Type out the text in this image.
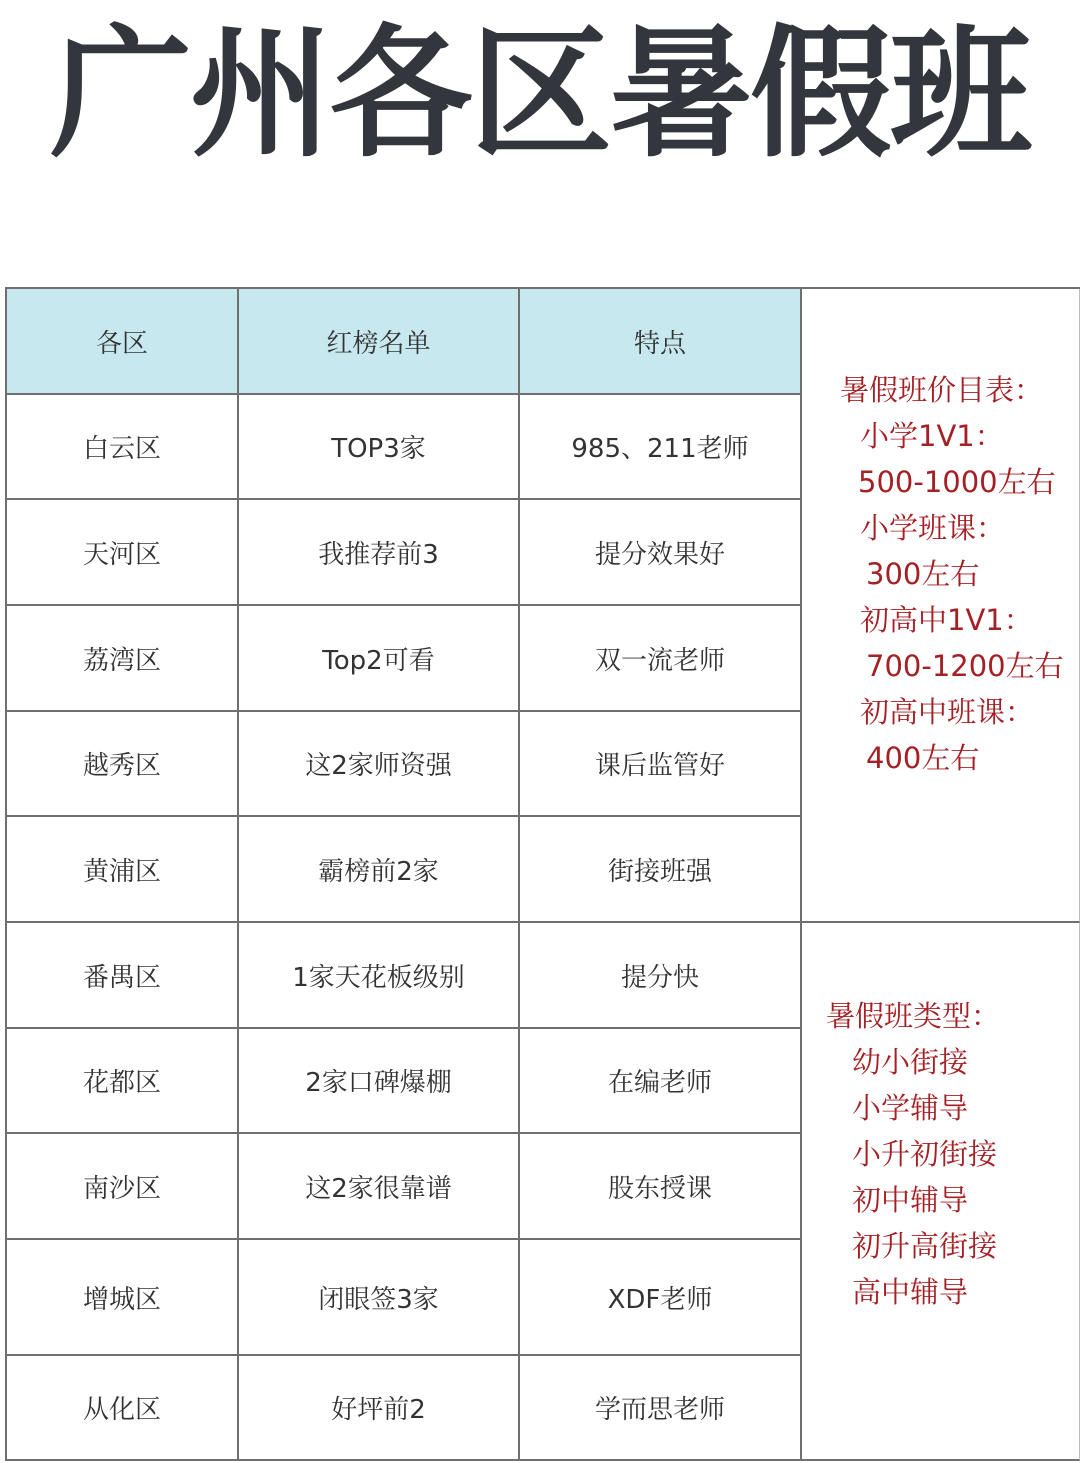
广州各区暑假班
各区	红榜名单	特点
白云区	TOP3家	985、211老师
天河区	我推荐前3	提分效果好
荔湾区	Top2可看	双一流老师
越秀区	这2家师资强	课后监管好
黄浦区	霸榜前2家	街接班强
番禺区	1家天花板级别	提分快
花都区	2家口碑爆棚	在编老师
南沙区	这2家很靠谱	股东授课
增城区	闭眼签3家	XDF老师
从化区	好坪前2	学而思老师
暑假班价目表：
小学1V1：
500-1000左右
小学班课：
300左右
初高中1V1：
700-1200左右
初高中班课：
400左右
暑假班类型：
幼小街接
小学辅导
小升初街接
初中辅导
初升高街接
高中辅导
